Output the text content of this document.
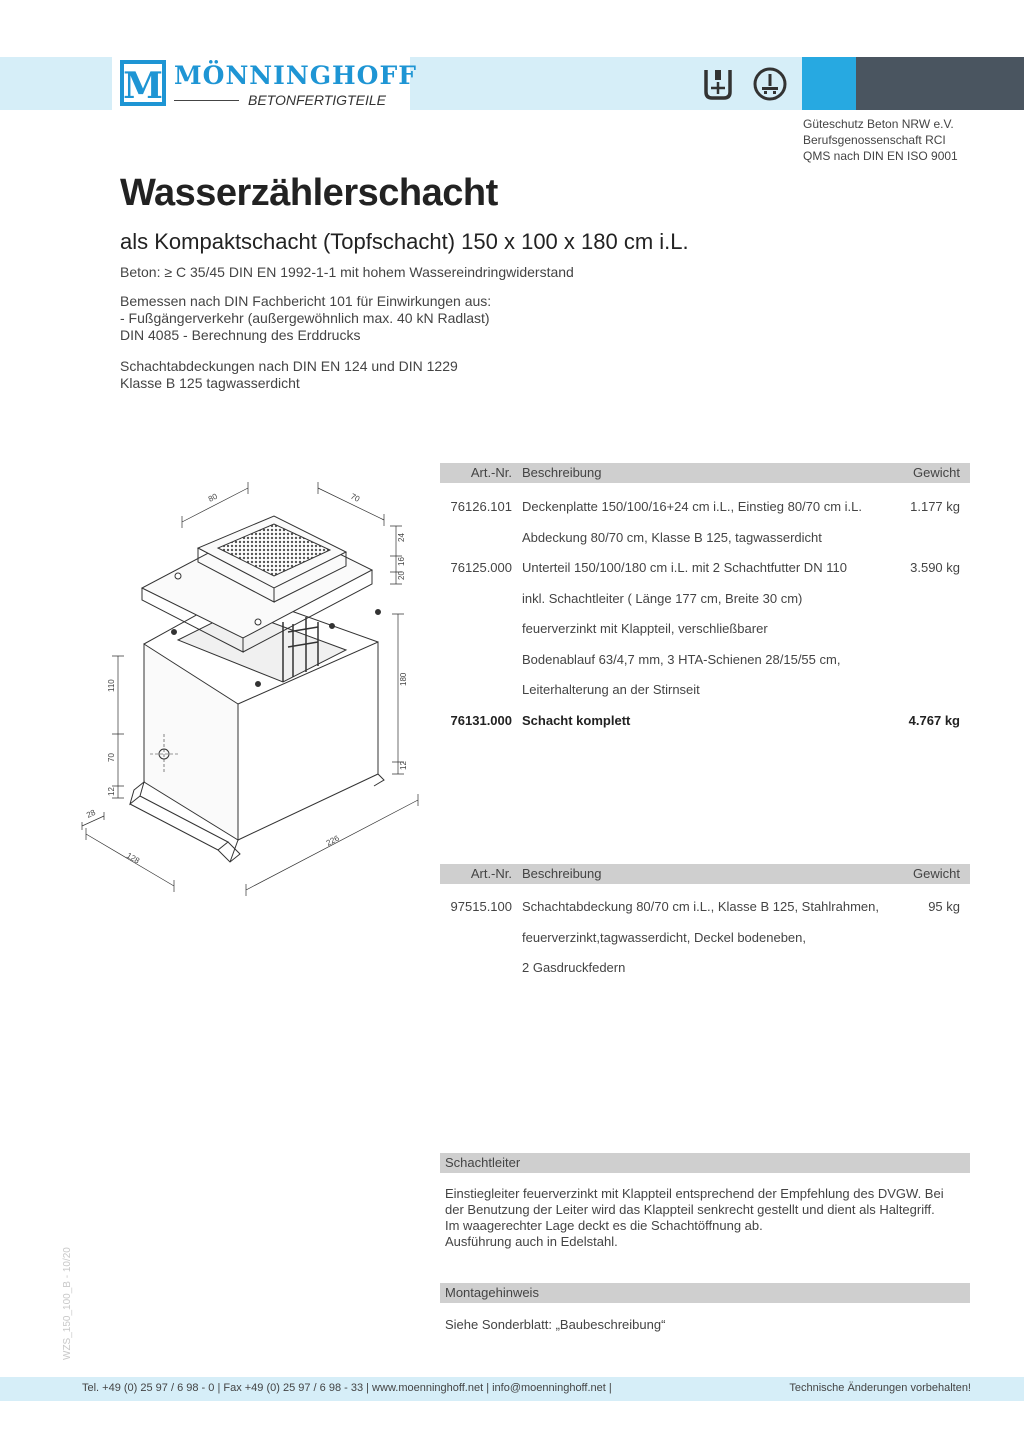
M MÖNNINGHOFF
BETONFERTIGTEILE
Güteschutz Beton NRW e.V.
Berufsgenossenschaft RCI
QMS nach DIN EN ISO 9001
Wasserzählerschacht
als Kompaktschacht (Topfschacht) 150 x 100 x 180 cm i.L.
Beton: ≥ C 35/45 DIN EN 1992-1-1 mit hohem Wassereindringwiderstand
Bemessen nach DIN Fachbericht 101 für Einwirkungen aus:
- Fußgängerverkehr (außergewöhnlich max. 40 kN Radlast)
DIN 4085 - Berechnung des Erddrucks
Schachtabdeckungen nach DIN EN 124 und DIN 1229
Klasse B 125 tagwasserdicht
80	70
24
16
20
110	180
70
12
12
28
128
226
Art.-Nr. Beschreibung	Gewicht
76126.101 Deckenplatte 150/100/16+24 cm i.L., Einstieg 80/70 cm i.L.	1.177 kg
Abdeckung 80/70 cm, Klasse B 125, tagwasserdicht
76125.000 Unterteil 150/100/180 cm i.L. mit 2 Schachtfutter DN 110	3.590 kg
inkl. Schachtleiter ( Länge 177 cm, Breite 30 cm)
feuerverzinkt mit Klappteil, verschließbarer
Bodenablauf 63/4,7 mm, 3 HTA-Schienen 28/15/55 cm,
Leiterhalterung an der Stirnseit
76131.000 Schacht komplett	4.767 kg
Art.-Nr. Beschreibung	Gewicht
97515.100 Schachtabdeckung 80/70 cm i.L., Klasse B 125, Stahlrahmen,	95 kg
feuerverzinkt,tagwasserdicht, Deckel bodeneben,
2 Gasdruckfedern
Schachtleiter
Einstiegleiter feuerverzinkt mit Klappteil entsprechend der Empfehlung des DVGW. Bei
der Benutzung der Leiter wird das Klappteil senkrecht gestellt und dient als Haltegriff.
Im waagerechter Lage deckt es die Schachtöffnung ab.
Ausführung auch in Edelstahl.
Montagehinweis
Siehe Sonderblatt: „Baubeschreibung“
WZS_150_100_B - 10/20
Tel. +49 (0) 25 97 / 6 98 - 0 | Fax +49 (0) 25 97 / 6 98 - 33 | www.moenninghoff.net | info@moenninghoff.net |	Technische Änderungen vorbehalten!
